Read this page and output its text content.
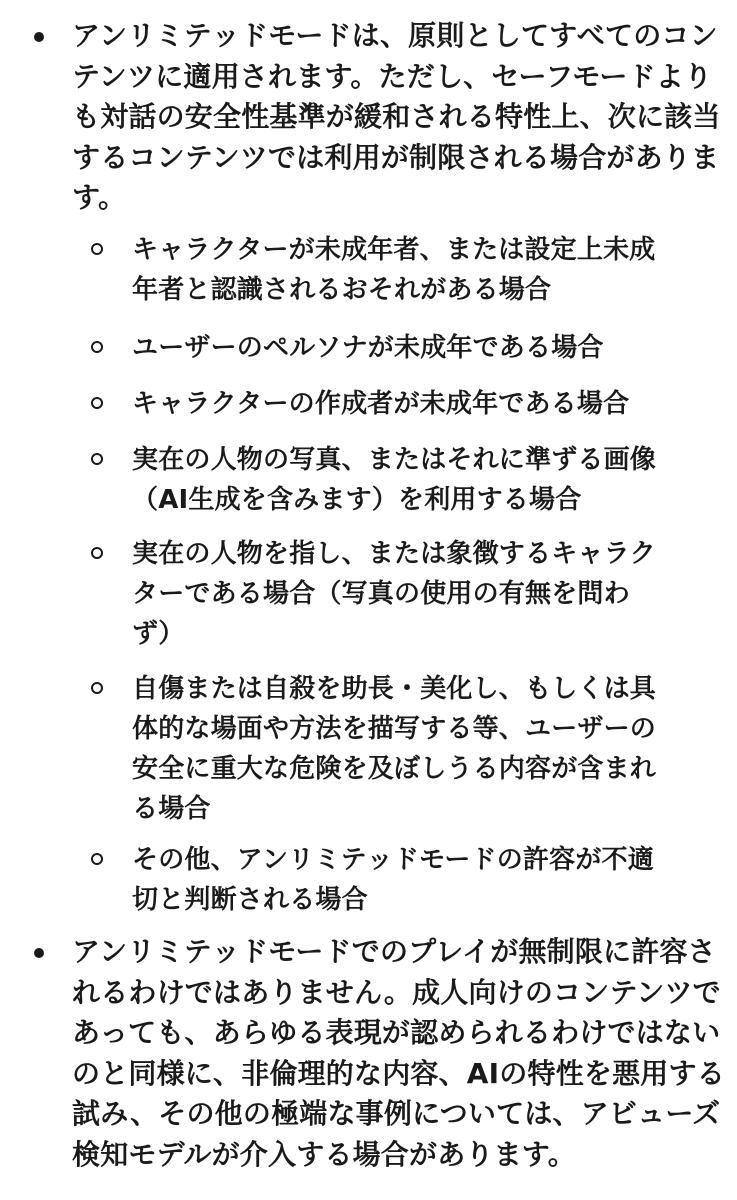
アンリミテッドモードは、原則としてすべてのコン
テンツに適用されます。ただし、セーフモードより
も対話の安全性基準が緩和される特性上、次に該当
するコンテンツでは利用が制限される場合がありま
す。
キャラクターが未成年者、または設定上未成
年者と認識されるおそれがある場合
ユーザーのペルソナが未成年である場合
キャラクターの作成者が未成年である場合
実在の人物の写真、またはそれに準ずる画像
（AI生成を含みます）を利用する場合
実在の人物を指し、または象徴するキャラク
ターである場合（写真の使用の有無を問わ
ず）
自傷または自殺を助長・美化し、もしくは具
体的な場面や方法を描写する等、ユーザーの
安全に重大な危険を及ぼしうる内容が含まれ
る場合
その他、アンリミテッドモードの許容が不適
切と判断される場合
アンリミテッドモードでのプレイが無制限に許容さ
れるわけではありません。成人向けのコンテンツで
あっても、あらゆる表現が認められるわけではない
のと同様に、非倫理的な内容、AIの特性を悪用する
試み、その他の極端な事例については、アビューズ
検知モデルが介入する場合があります。
